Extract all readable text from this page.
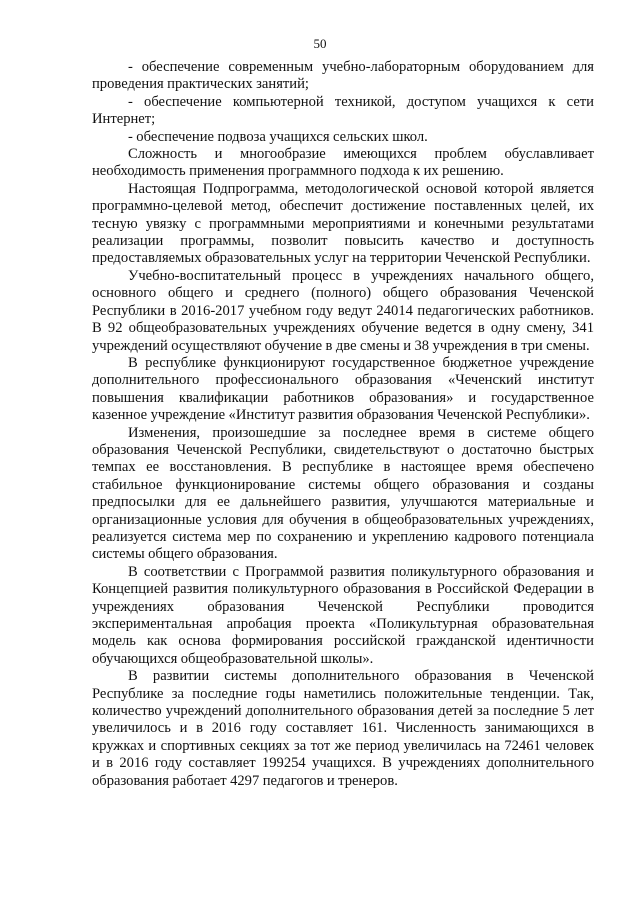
50

- обеспечение современным учебно-лабораторным оборудованием для проведения практических занятий;

- обеспечение компьютерной техникой, доступом учащихся к сети Интернет;

- обеспечение подвоза учащихся сельских школ.

Сложность и многообразие имеющихся проблем обуславливает необходимость применения программного подхода к их решению.

Настоящая Подпрограмма, методологической основой которой является программно-целевой метод, обеспечит достижение поставленных целей, их тесную увязку с программными мероприятиями и конечными результатами реализации программы, позволит повысить качество и доступность предоставляемых образовательных услуг на территории Чеченской Республики.

Учебно-воспитательный процесс в учреждениях начального общего, основного общего и среднего (полного) общего образования Чеченской Республики в 2016-2017 учебном году ведут 24014 педагогических работников. В 92 общеобразовательных учреждениях обучение ведется в одну смену, 341 учреждений осуществляют обучение в две смены и 38 учреждения в три смены.

В республике функционируют государственное бюджетное учреждение дополнительного профессионального образования «Чеченский институт повышения квалификации работников образования» и государственное казенное учреждение «Институт развития образования Чеченской Республики».

Изменения, произошедшие за последнее время в системе общего образования Чеченской Республики, свидетельствуют о достаточно быстрых темпах ее восстановления. В республике в настоящее время обеспечено стабильное функционирование системы общего образования и созданы предпосылки для ее дальнейшего развития, улучшаются материальные и организационные условия для обучения в общеобразовательных учреждениях, реализуется система мер по сохранению и укреплению кадрового потенциала системы общего образования.

В соответствии с Программой развития поликультурного образования и Концепцией развития поликультурного образования в Российской Федерации в учреждениях образования Чеченской Республики проводится экспериментальная апробация проекта «Поликультурная образовательная модель как основа формирования российской гражданской идентичности обучающихся общеобразовательной школы».

В развитии системы дополнительного образования в Чеченской Республике за последние годы наметились положительные тенденции. Так, количество учреждений дополнительного образования детей за последние 5 лет увеличилось и в 2016 году составляет 161. Численность занимающихся в кружках и спортивных секциях за тот же период увеличилась на 72461 человек и в 2016 году составляет 199254 учащихся. В учреждениях дополнительного образования работает 4297 педагогов и тренеров.
